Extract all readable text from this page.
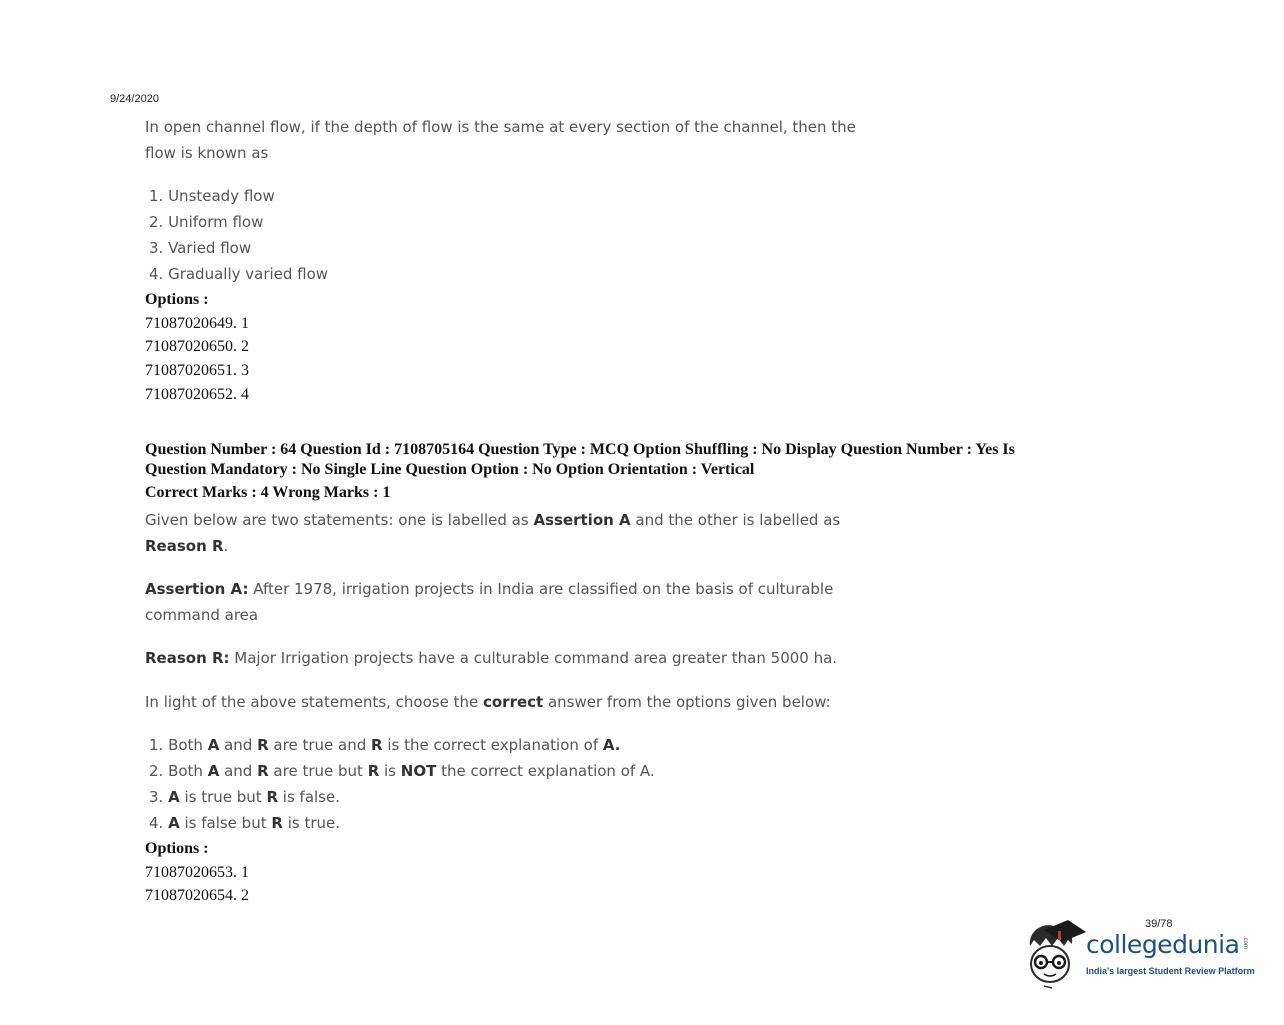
9/24/2020
In open channel flow, if the depth of flow is the same at every section of the channel, then the
flow is known as
1. Unsteady flow
2. Uniform flow
3. Varied flow
4. Gradually varied flow
Options :
71087020649. 1
71087020650. 2
71087020651. 3
71087020652. 4
Question Number : 64 Question Id : 7108705164 Question Type : MCQ Option Shuffling : No Display Question Number : Yes Is
Question Mandatory : No Single Line Question Option : No Option Orientation : Vertical
Correct Marks : 4 Wrong Marks : 1
Given below are two statements: one is labelled as Assertion A and the other is labelled as
Reason R.
Assertion A: After 1978, irrigation projects in India are classified on the basis of culturable
command area
Reason R: Major Irrigation projects have a culturable command area greater than 5000 ha.
In light of the above statements, choose the correct answer from the options given below:
1. Both A and R are true and R is the correct explanation of A.
2. Both A and R are true but R is NOT the correct explanation of A.
3. A is true but R is false.
4. A is false but R is true.
Options :
71087020653. 1
71087020654. 2
39/78
collegedunia .com
India's largest Student Review Platform
